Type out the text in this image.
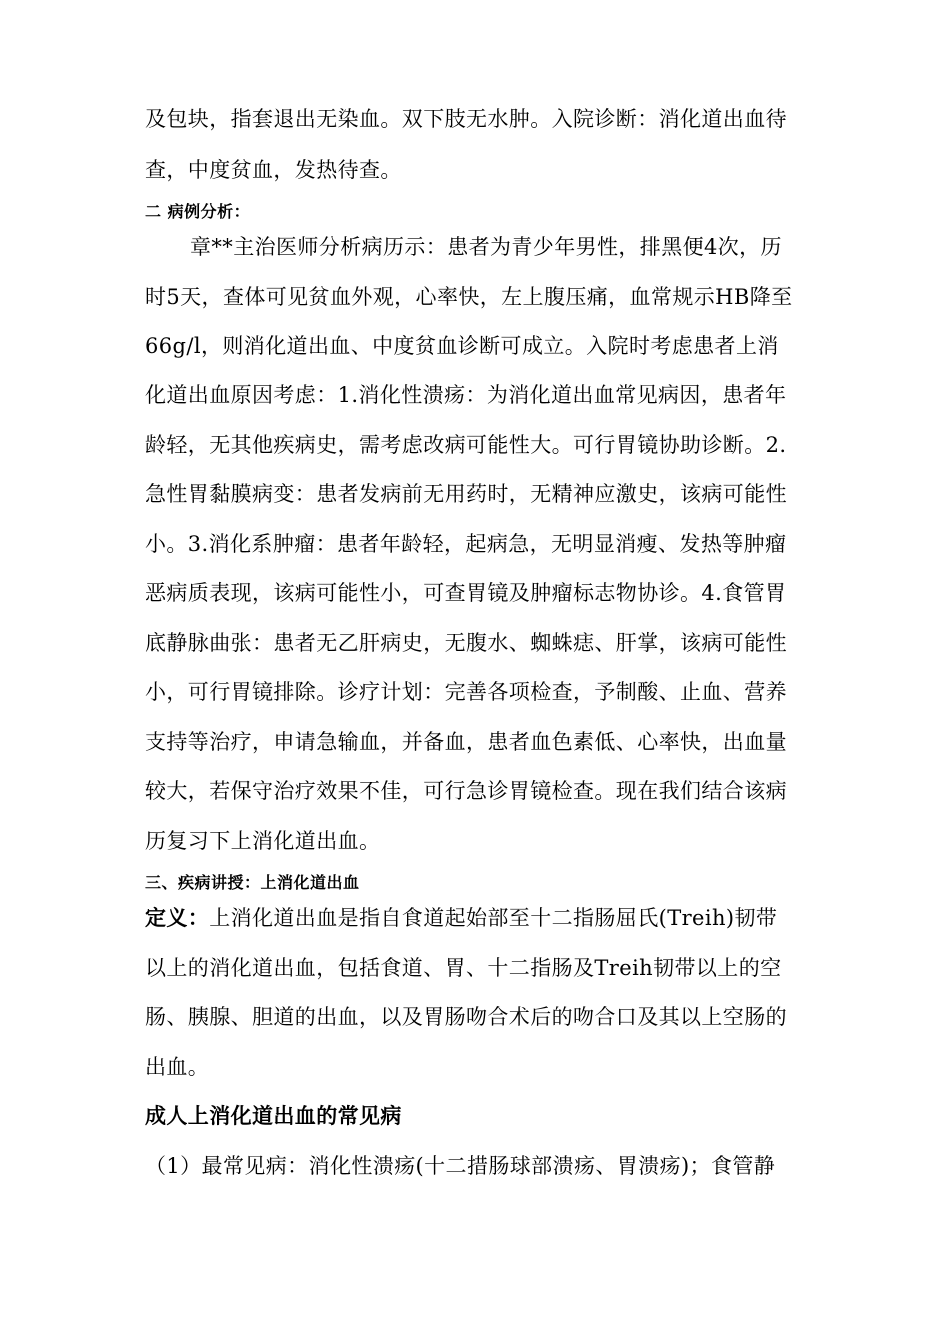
及包块，指套退出无染血。双下肢无水肿。入院诊断：消化道出血待
查，中度贫血，发热待查。
二 病例分析：
章**主治医师分析病历示：患者为青少年男性，排黑便4次，历
时5天，查体可见贫血外观，心率快，左上腹压痛，血常规示HB降至
66g/l，则消化道出血、中度贫血诊断可成立。入院时考虑患者上消
化道出血原因考虑：1.消化性溃疡：为消化道出血常见病因，患者年
龄轻，无其他疾病史，需考虑改病可能性大。可行胃镜协助诊断。2.
急性胃黏膜病变：患者发病前无用药时，无精神应激史，该病可能性
小。3.消化系肿瘤：患者年龄轻，起病急，无明显消瘦、发热等肿瘤
恶病质表现，该病可能性小，可查胃镜及肿瘤标志物协诊。4.食管胃
底静脉曲张：患者无乙肝病史，无腹水、蜘蛛痣、肝掌，该病可能性
小，可行胃镜排除。诊疗计划：完善各项检查，予制酸、止血、营养
支持等治疗，申请急输血，并备血，患者血色素低、心率快，出血量
较大，若保守治疗效果不佳，可行急诊胃镜检查。现在我们结合该病
历复习下上消化道出血。
三、疾病讲授：上消化道出血
定义：上消化道出血是指自食道起始部至十二指肠屈氏(Treih)韧带
以上的消化道出血，包括食道、胃、十二指肠及Treih韧带以上的空
肠、胰腺、胆道的出血，以及胃肠吻合术后的吻合口及其以上空肠的
出血。
成人上消化道出血的常见病
（1）最常见病：消化性溃疡(十二措肠球部溃疡、胃溃疡)；食管静
